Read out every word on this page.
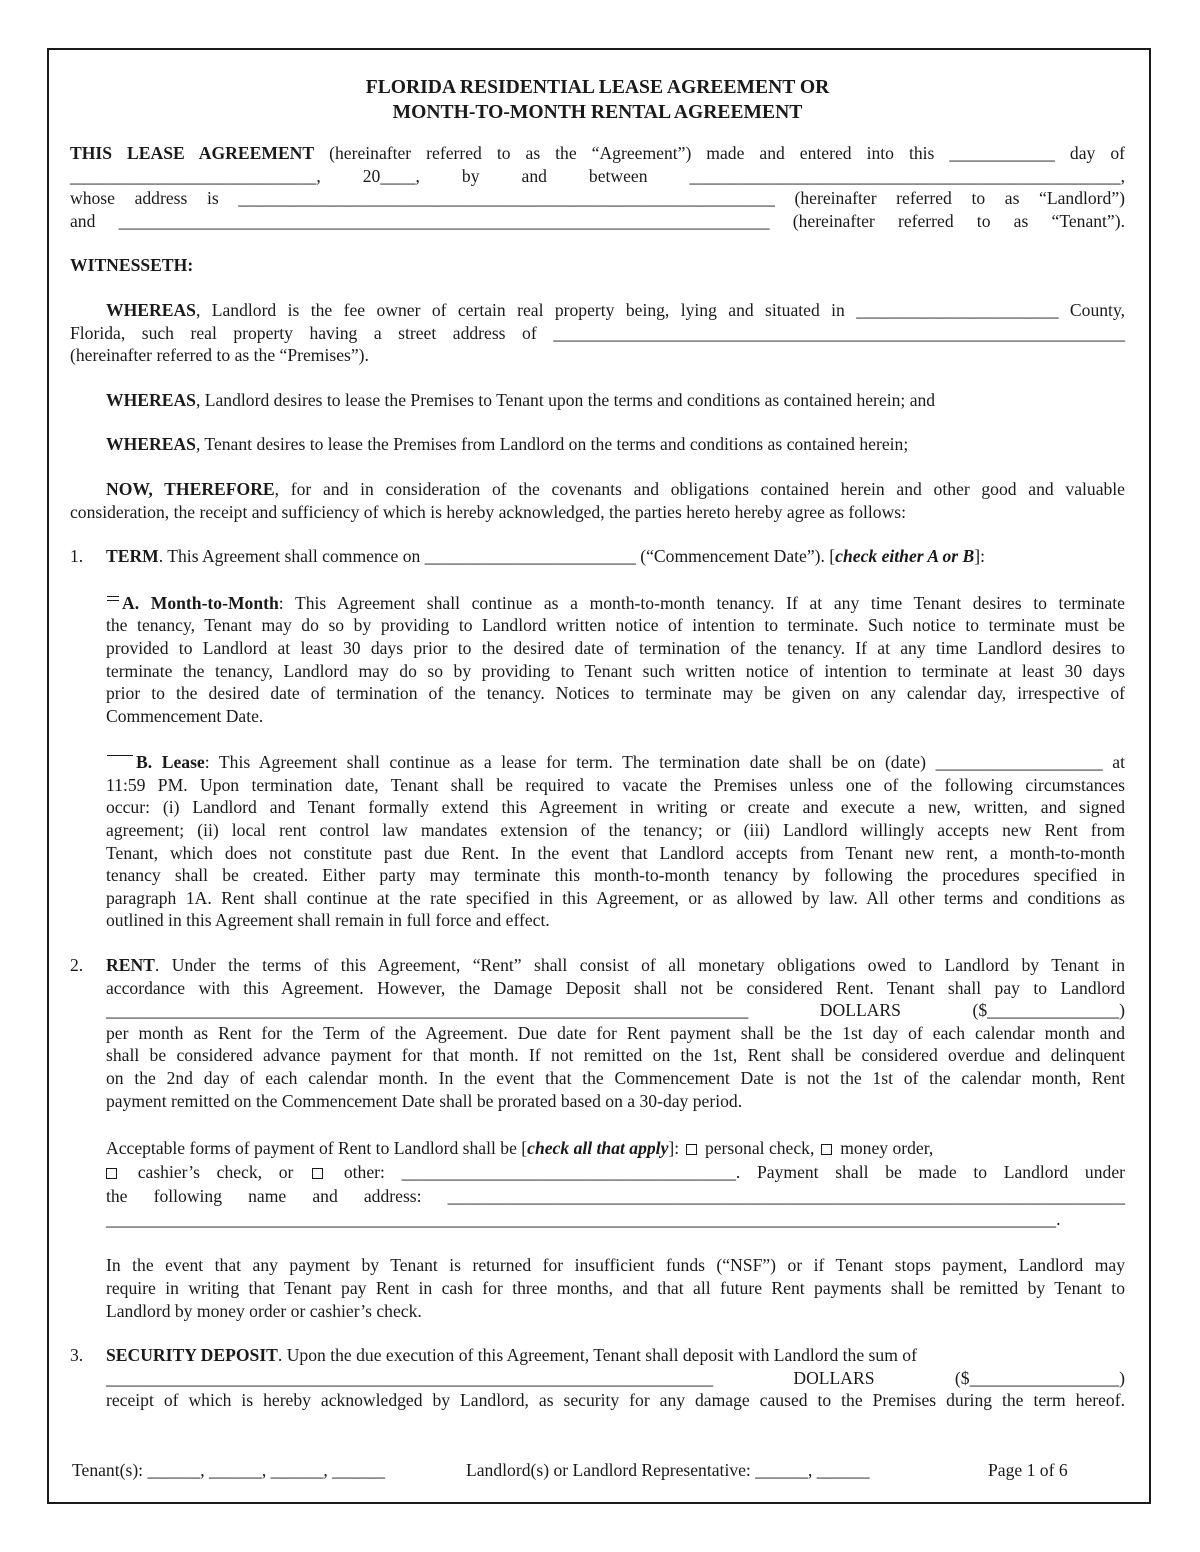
FLORIDA RESIDENTIAL LEASE AGREEMENT OR
MONTH-TO-MONTH RENTAL AGREEMENT
THIS LEASE AGREEMENT (hereinafter referred to as the “Agreement”) made and entered into this ____________ day of
____________________________, 20____, by and between _________________________________________________,
whose address is _____________________________________________________________ (hereinafter referred to as “Landlord”)
and __________________________________________________________________________ (hereinafter referred to as “Tenant”).
WITNESSETH:
WHEREAS, Landlord is the fee owner of certain real property being, lying and situated in _______________________ County,
Florida, such real property having a street address of _________________________________________________________________
(hereinafter referred to as the “Premises”).
WHEREAS, Landlord desires to lease the Premises to Tenant upon the terms and conditions as contained herein; and
WHEREAS, Tenant desires to lease the Premises from Landlord on the terms and conditions as contained herein;
NOW, THEREFORE, for and in consideration of the covenants and obligations contained herein and other good and valuable
consideration, the receipt and sufficiency of which is hereby acknowledged, the parties hereto hereby agree as follows:
1. TERM. This Agreement shall commence on ________________________ (“Commencement Date”). [check either A or B]:
A. Month-to-Month: This Agreement shall continue as a month-to-month tenancy. If at any time Tenant desires to terminate
the tenancy, Tenant may do so by providing to Landlord written notice of intention to terminate. Such notice to terminate must be
provided to Landlord at least 30 days prior to the desired date of termination of the tenancy. If at any time Landlord desires to
terminate the tenancy, Landlord may do so by providing to Tenant such written notice of intention to terminate at least 30 days
prior to the desired date of termination of the tenancy. Notices to terminate may be given on any calendar day, irrespective of
Commencement Date.
B. Lease: This Agreement shall continue as a lease for term. The termination date shall be on (date) ___________________ at
11:59 PM. Upon termination date, Tenant shall be required to vacate the Premises unless one of the following circumstances
occur: (i) Landlord and Tenant formally extend this Agreement in writing or create and execute a new, written, and signed
agreement; (ii) local rent control law mandates extension of the tenancy; or (iii) Landlord willingly accepts new Rent from
Tenant, which does not constitute past due Rent. In the event that Landlord accepts from Tenant new rent, a month-to-month
tenancy shall be created. Either party may terminate this month-to-month tenancy by following the procedures specified in
paragraph 1A. Rent shall continue at the rate specified in this Agreement, or as allowed by law. All other terms and conditions as
outlined in this Agreement shall remain in full force and effect.
2. RENT. Under the terms of this Agreement, “Rent” shall consist of all monetary obligations owed to Landlord by Tenant in
accordance with this Agreement. However, the Damage Deposit shall not be considered Rent. Tenant shall pay to Landlord
_________________________________________________________________________ DOLLARS ($_______________)
per month as Rent for the Term of the Agreement. Due date for Rent payment shall be the 1st day of each calendar month and
shall be considered advance payment for that month. If not remitted on the 1st, Rent shall be considered overdue and delinquent
on the 2nd day of each calendar month. In the event that the Commencement Date is not the 1st of the calendar month, Rent
payment remitted on the Commencement Date shall be prorated based on a 30-day period.
Acceptable forms of payment of Rent to Landlord shall be [check all that apply]: personal check, money order,
cashier’s check, or	other: ______________________________________. Payment shall be made to Landlord under
the following name and address: _____________________________________________________________________________
____________________________________________________________________________________________________________.
In the event that any payment by Tenant is returned for insufficient funds (“NSF”) or if Tenant stops payment, Landlord may
require in writing that Tenant pay Rent in cash for three months, and that all future Rent payments shall be remitted by Tenant to
Landlord by money order or cashier’s check.
3. SECURITY DEPOSIT. Upon the due execution of this Agreement, Tenant shall deposit with Landlord the sum of
_____________________________________________________________________ DOLLARS ($_________________)
receipt of which is hereby acknowledged by Landlord, as security for any damage caused to the Premises during the term hereof.
Tenant(s): ______, ______, ______, ______	Landlord(s) or Landlord Representative: ______, ______	Page 1 of 6
